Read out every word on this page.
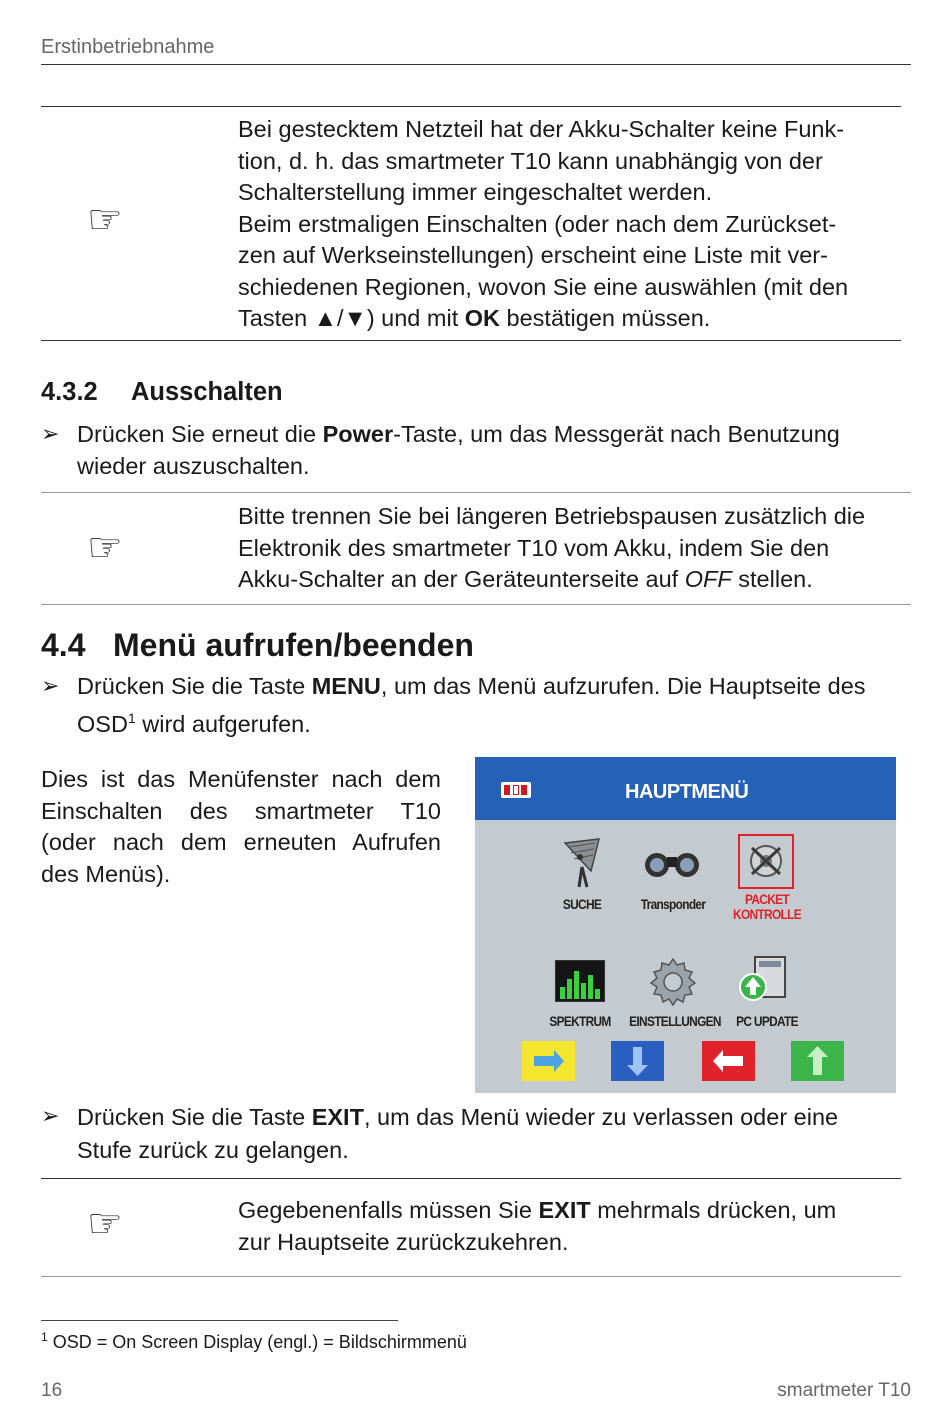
Erstinbetriebnahme
☞
Bei gestecktem Netzteil hat der Akku-Schalter keine Funk-
tion, d. h. das smartmeter T10 kann unabhängig von der
Schalterstellung immer eingeschaltet werden.
Beim erstmaligen Einschalten (oder nach dem Zurückset-
zen auf Werkseinstellungen) erscheint eine Liste mit ver-
schiedenen Regionen, wovon Sie eine auswählen (mit den
Tasten ▲/▼) und mit OK bestätigen müssen.
4.3.2 Ausschalten
➢ Drücken Sie erneut die Power-Taste, um das Messgerät nach Benutzung
wieder auszuschalten.
☞
Bitte trennen Sie bei längeren Betriebspausen zusätzlich die
Elektronik des smartmeter T10 vom Akku, indem Sie den
Akku-Schalter an der Geräteunterseite auf OFF stellen.
4.4 Menü aufrufen/beenden
➢ Drücken Sie die Taste MENU, um das Menü aufzurufen. Die Hauptseite des
OSD$^1$ wird aufgerufen.
Dies ist das Menüfenster nach dem
Einschalten des smartmeter T10
(oder nach dem erneuten Aufrufen
des Menüs).
HAUPTMENÜ
SUCHE	Transponder	PACKET
KONTROLLE
SPEKTRUM EINSTELLUNGEN PC UPDATE
➢ Drücken Sie die Taste EXIT, um das Menü wieder zu verlassen oder eine
Stufe zurück zu gelangen.
☞	Gegebenenfalls müssen Sie EXIT mehrmals drücken, um
zur Hauptseite zurückzukehren.
$^1$ OSD = On Screen Display (engl.) = Bildschirmmenü
16	smartmeter T10
